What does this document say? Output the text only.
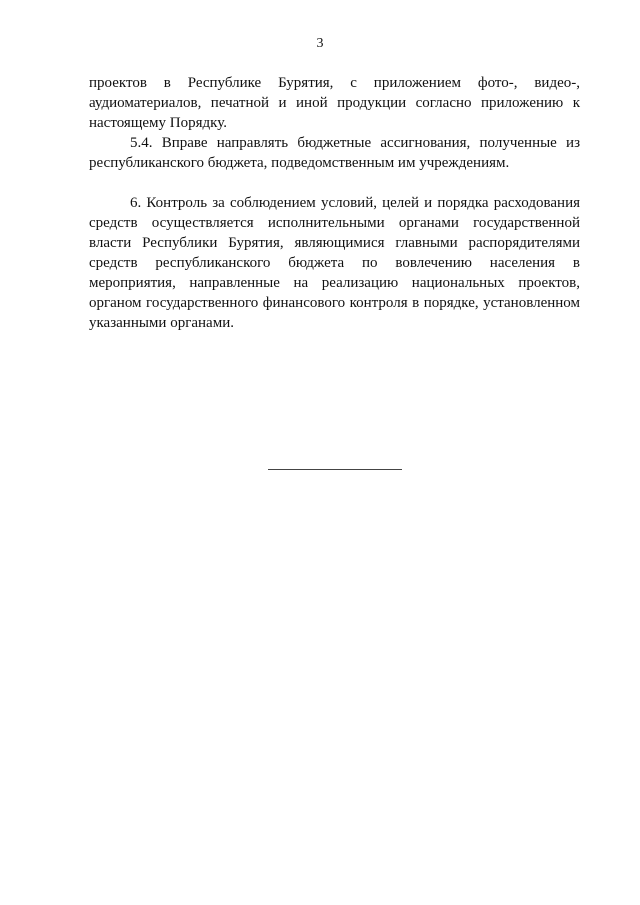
3

проектов в Республике Бурятия, с приложением фото-, видео-, аудиоматериалов, печатной и иной продукции согласно приложению к настоящему Порядку.

5.4. Вправе направлять бюджетные ассигнования, полученные из республиканского бюджета, подведомственным им учреждениям.

6. Контроль за соблюдением условий, целей и порядка расходования средств осуществляется исполнительными органами государственной власти Республики Бурятия, являющимися главными распорядителями средств республиканского бюджета по вовлечению населения в мероприятия, направленные на реализацию национальных проектов, органом государственного финансового контроля в порядке, установленном указанными органами.
